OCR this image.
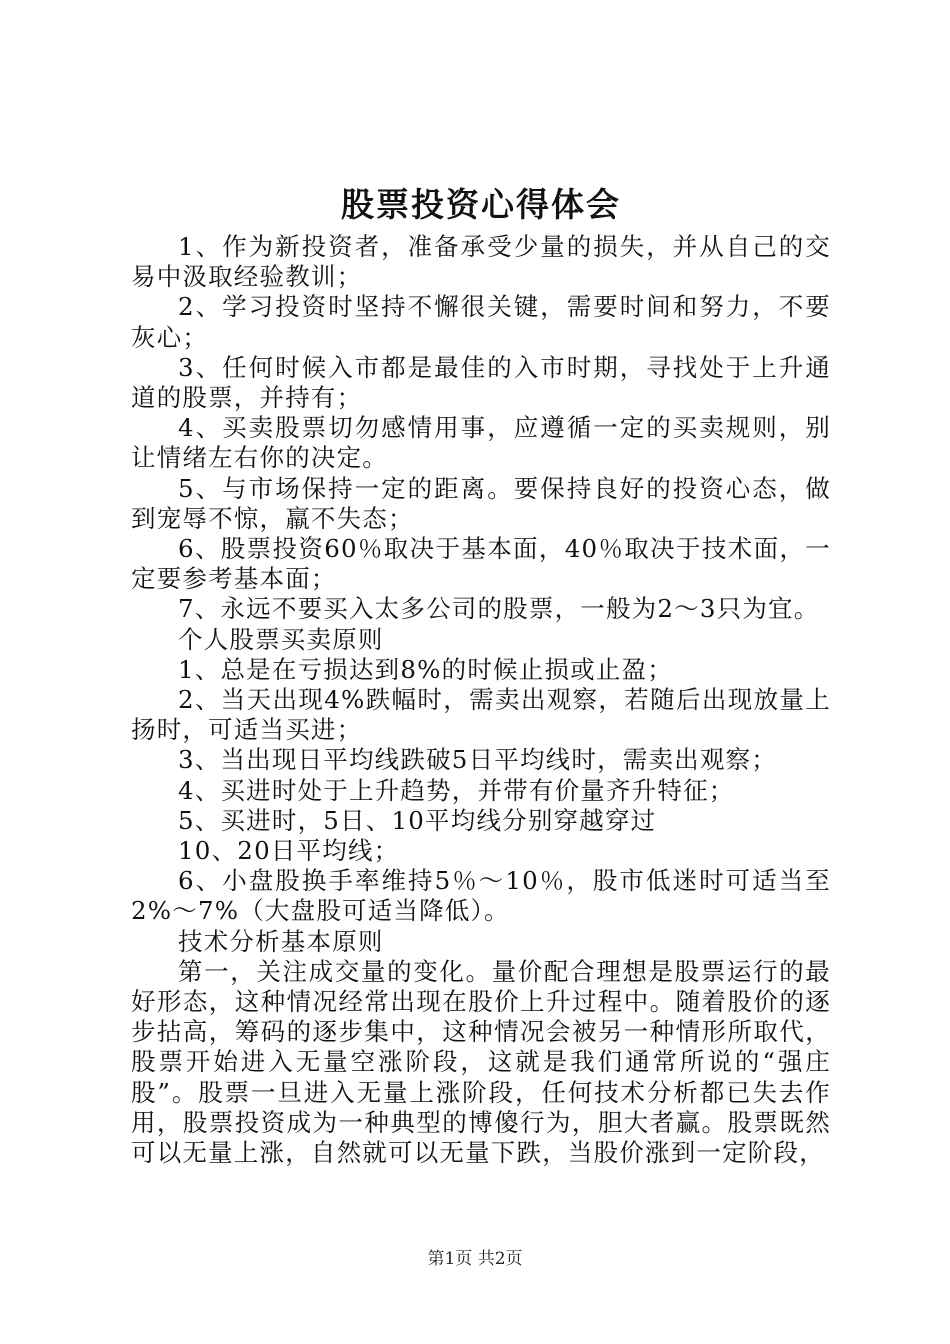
股票投资心得体会

1、作为新投资者，准备承受少量的损失，并从自己的交易中汲取经验教训；

2、学习投资时坚持不懈很关键，需要时间和努力，不要灰心；

3、任何时候入市都是最佳的入市时期，寻找处于上升通道的股票，并持有；

4、买卖股票切勿感情用事，应遵循一定的买卖规则，别让情绪左右你的决定。

5、与市场保持一定的距离。要保持良好的投资心态，做到宠辱不惊，羸不失态；

6、股票投资60％取决于基本面，40％取决于技术面，一定要参考基本面；

7、永远不要买入太多公司的股票，一般为2～3只为宜。

个人股票买卖原则

1、总是在亏损达到8%的时候止损或止盈；

2、当天出现4%跌幅时，需卖出观察，若随后出现放量上扬时，可适当买进；

3、当出现日平均线跌破5日平均线时，需卖出观察；

4、买进时处于上升趋势，并带有价量齐升特征；

5、买进时，5日、10平均线分别穿越穿过

10、20日平均线；

6、小盘股换手率维持5％～10％，股市低迷时可适当至2%～7%（大盘股可适当降低）。

技术分析基本原则

第一，关注成交量的变化。量价配合理想是股票运行的最好形态，这种情况经常出现在股价上升过程中。随着股价的逐步拈高，筹码的逐步集中，这种情况会被另一种情形所取代，股票开始进入无量空涨阶段，这就是我们通常所说的“强庄股”。股票一旦进入无量上涨阶段，任何技术分析都已失去作用，股票投资成为一种典型的博傻行为，胆大者赢。股票既然可以无量上涨，自然就可以无量下跌，当股价涨到一定阶段，

第1页 共2页
